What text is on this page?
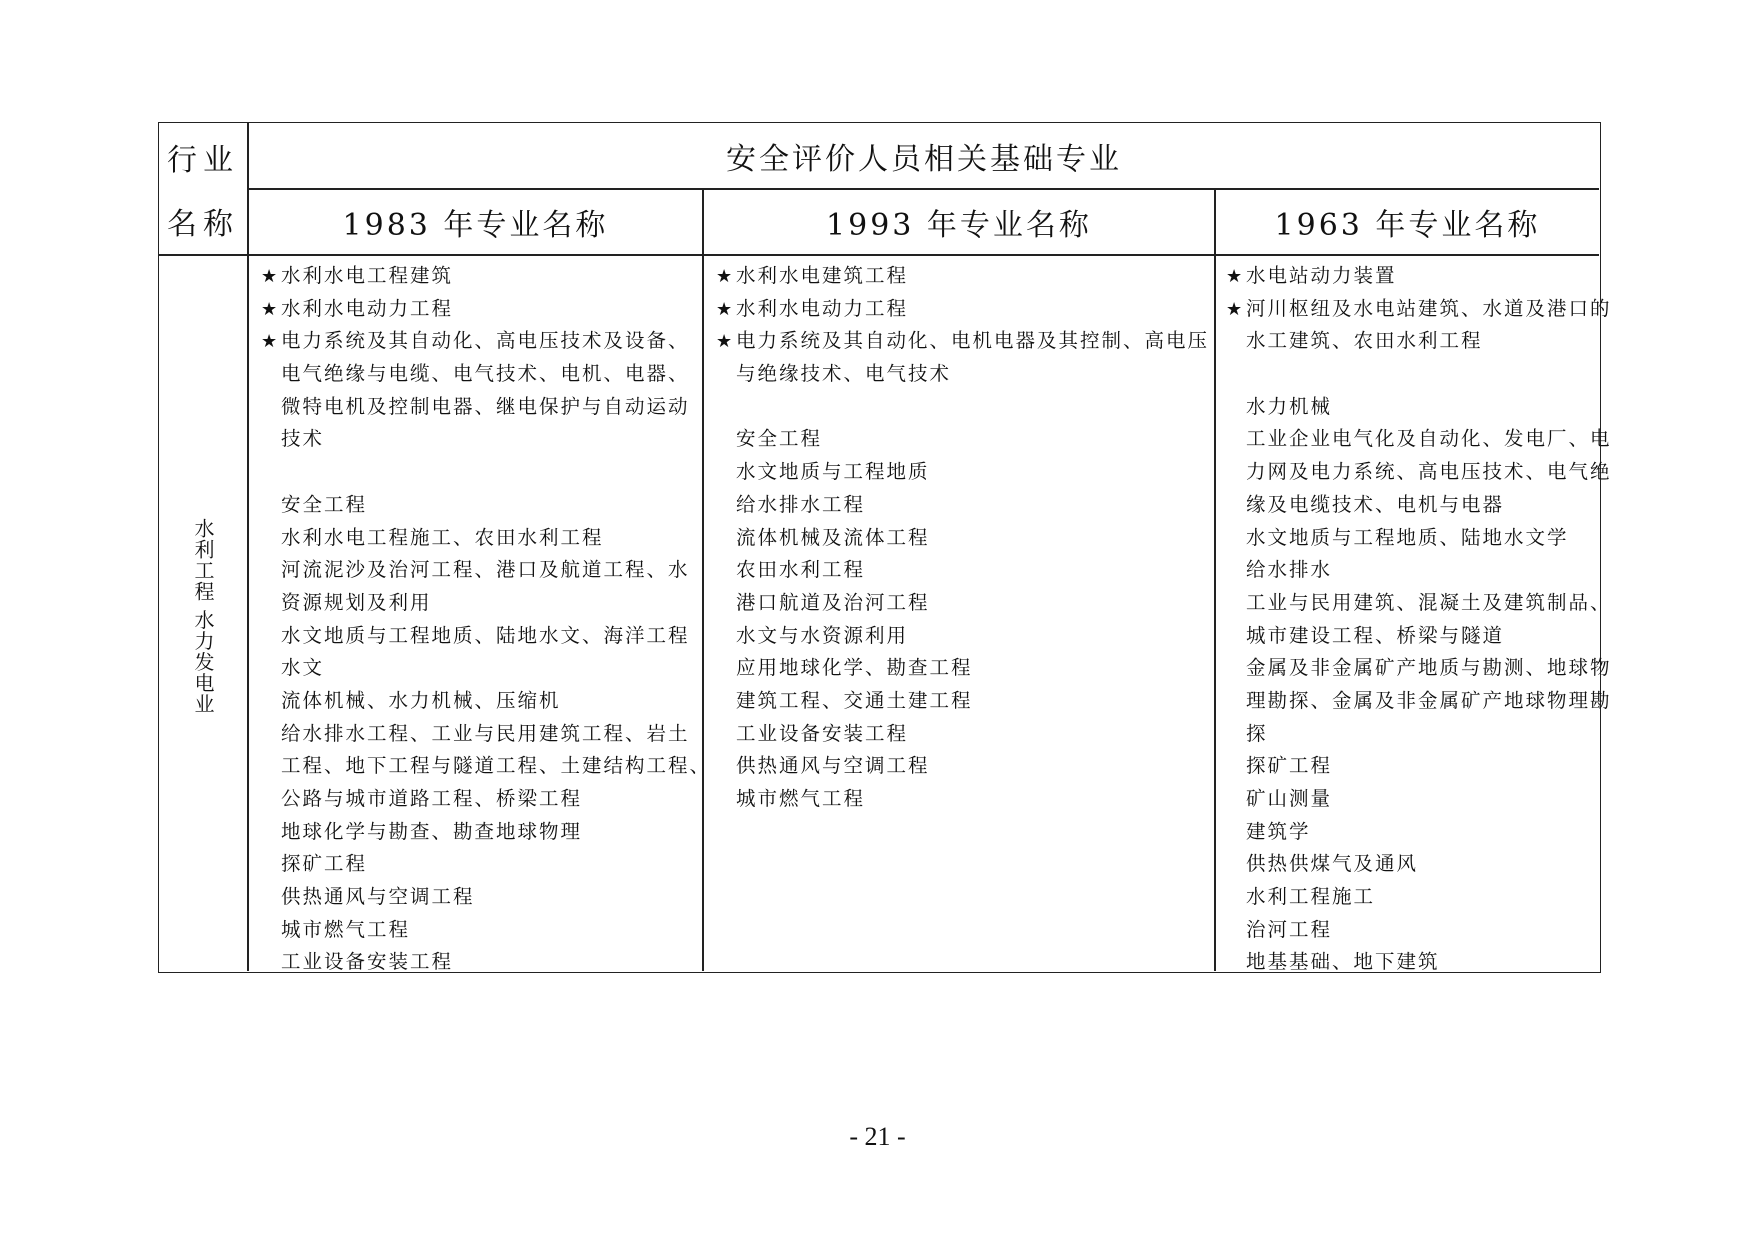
行业
名称
安全评价人员相关基础专业
1983 年专业名称	1993 年专业名称	1963 年专业名称
水利工程 水力发电业
★水利水电工程建筑
★水利水电动力工程
★电力系统及其自动化、高电压技术及设备、
电气绝缘与电缆、电气技术、电机、电器、
微特电机及控制电器、继电保护与自动运动
技术
安全工程
水利水电工程施工、农田水利工程
河流泥沙及治河工程、港口及航道工程、水
资源规划及利用
水文地质与工程地质、陆地水文、海洋工程
水文
流体机械、水力机械、压缩机
给水排水工程、工业与民用建筑工程、岩土
工程、地下工程与隧道工程、土建结构工程、
公路与城市道路工程、桥梁工程
地球化学与勘查、勘查地球物理
探矿工程
供热通风与空调工程
城市燃气工程
工业设备安装工程
★水利水电建筑工程
★水利水电动力工程
★电力系统及其自动化、电机电器及其控制、高电压
与绝缘技术、电气技术
安全工程
水文地质与工程地质
给水排水工程
流体机械及流体工程
农田水利工程
港口航道及治河工程
水文与水资源利用
应用地球化学、勘查工程
建筑工程、交通土建工程
工业设备安装工程
供热通风与空调工程
城市燃气工程
★水电站动力装置
★河川枢纽及水电站建筑、水道及港口的
水工建筑、农田水利工程
水力机械
工业企业电气化及自动化、发电厂、电
力网及电力系统、高电压技术、电气绝
缘及电缆技术、电机与电器
水文地质与工程地质、陆地水文学
给水排水
工业与民用建筑、混凝土及建筑制品、
城市建设工程、桥梁与隧道
金属及非金属矿产地质与勘测、地球物
理勘探、金属及非金属矿产地球物理勘
探
探矿工程
矿山测量
建筑学
供热供煤气及通风
水利工程施工
治河工程
地基基础、地下建筑
- 21 -
